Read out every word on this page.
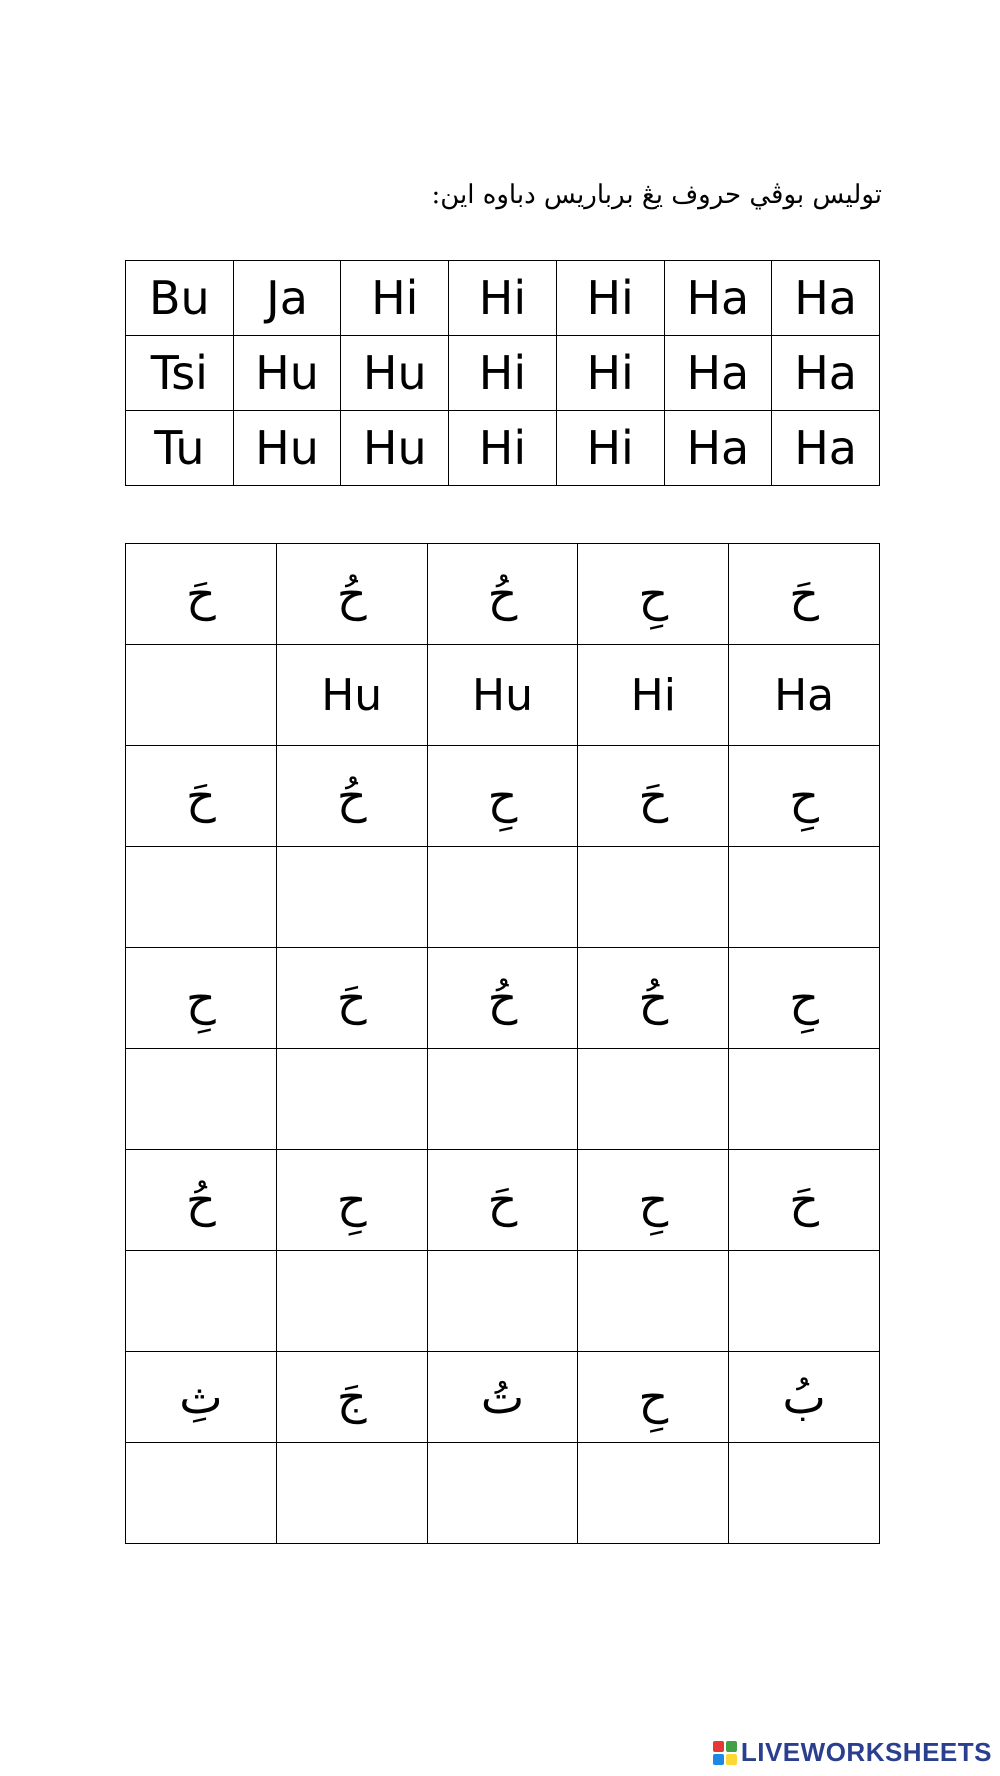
توليس بوڤي حروف يڠ برباريس دباوه اين:
Bu	Ja	Hi	Hi	Hi	Ha	Ha
Tsi	Hu	Hu	Hi	Hi	Ha	Ha
Tu	Hu	Hu	Hi	Hi	Ha	Ha
حَ	حُ	حُ	حِ	حَ
	Hu	Hu	Hi	Ha
حَ	حُ	حِ	حَ	حِ

حِ	حَ	حُ	حُ	حِ

حُ	حِ	حَ	حِ	حَ

ثِ	جَ	تُ	حِ	بُ

LIVEWORKSHEETS
